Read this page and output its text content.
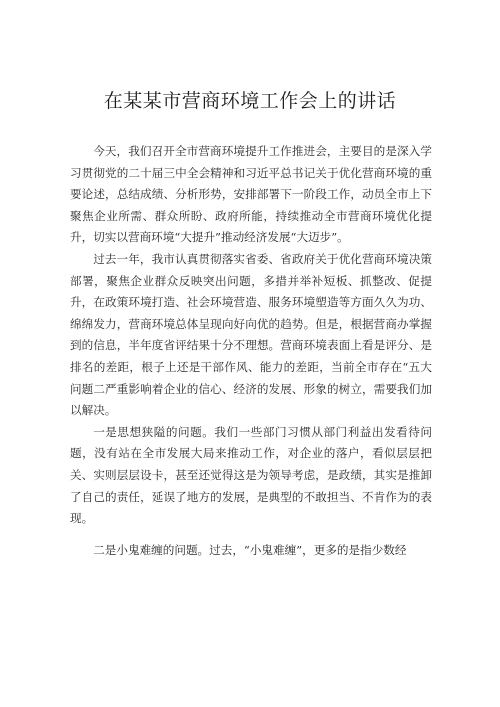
在某某市营商环境工作会上的讲话

今天，我们召开全市营商环境提升工作推进会，主要目的是深入学习贯彻党的二十届三中全会精神和习近平总书记关于优化营商环境的重要论述，总结成绩、分析形势，安排部署下一阶段工作，动员全市上下聚焦企业所需、群众所盼、政府所能，持续推动全市营商环境优化提升，切实以营商环境“大提升”推动经济发展“大迈步”。

过去一年，我市认真贯彻落实省委、省政府关于优化营商环境决策部署，聚焦企业群众反映突出问题，多措并举补短板、抓整改、促提升，在政策环境打造、社会环境营造、服务环境塑造等方面久久为功、绵绵发力，营商环境总体呈现向好向优的趋势。但是，根据营商办掌握到的信息，半年度省评结果十分不理想。营商环境表面上看是评分、是排名的差距，根子上还是干部作风、能力的差距，当前全市存在“五大问题二严重影响着企业的信心、经济的发展、形象的树立，需要我们加以解决。

一是思想狭隘的问题。我们一些部门习惯从部门利益出发看待问题，没有站在全市发展大局来推动工作，对企业的落户，看似层层把关、实则层层设卡，甚至还觉得这是为领导考虑，是政绩，其实是推卸了自己的责任，延误了地方的发展，是典型的不敢担当、不肯作为的表现。

二是小鬼难缠的问题。过去，“小鬼难缠”，更多的是指少数经
